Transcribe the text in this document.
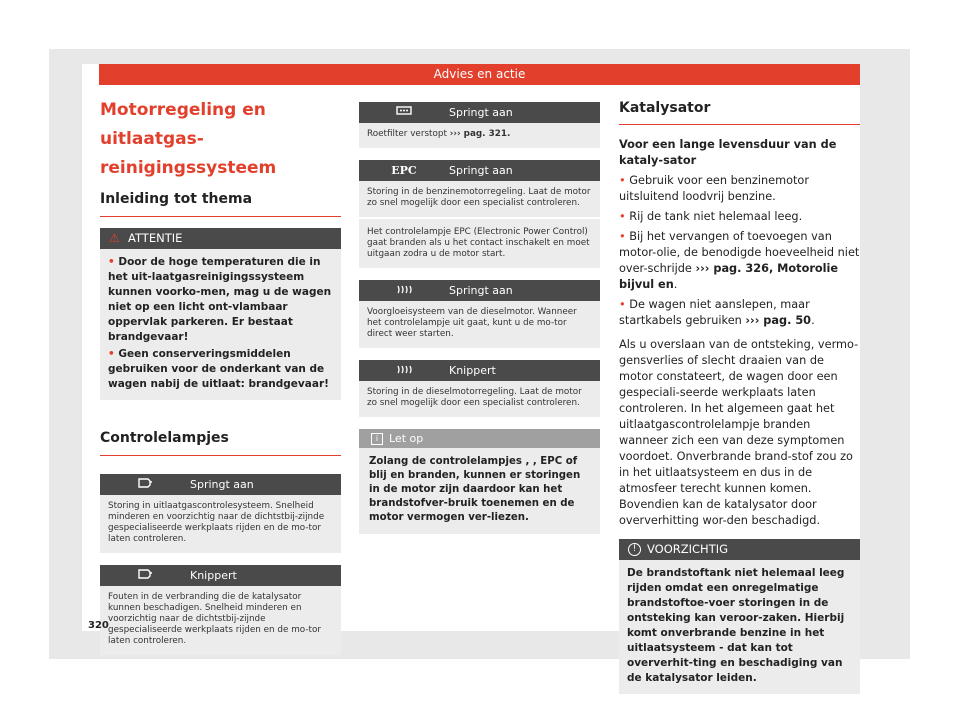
Advies en actie
Motorregeling en uitlaatgas-
reinigingssysteem
Inleiding tot thema
⚠ ATTENTIE
• Door de hoge temperaturen die in het uit-laatgasreinigingssysteem kunnen voorko-men, mag u de wagen niet op een licht ont-vlambaar oppervlak parkeren. Er bestaat brandgevaar!
• Geen conserveringsmiddelen gebruiken voor de onderkant van de wagen nabij de uitlaat: brandgevaar!
Controlelampjes
Springt aan
Storing in uitlaatgascontrolesysteem. Snelheid minderen en voorzichtig naar de dichtstbij-zijnde gespecialiseerde werkplaats rijden en de mo-tor laten controleren.
Knippert
Fouten in de verbranding die de katalysator kunnen beschadigen. Snelheid minderen en voorzichtig naar de dichtstbij-zijnde gespecialiseerde werkplaats rijden en de mo-tor laten controleren.
Springt aan
Roetfilter verstopt ››› pag. 321.
EPC	Springt aan
Storing in de benzinemotorregeling. Laat de motor zo snel mogelijk door een specialist controleren.
Het controlelampje EPC (Electronic Power Control) gaat branden als u het contact inschakelt en moet uitgaan zodra u de motor start.
Springt aan
Voorgloeisysteem van de dieselmotor. Wanneer het controlelampje uit gaat, kunt u de mo-tor direct weer starten.
Knippert
Storing in de dieselmotorregeling. Laat de motor zo snel mogelijk door een specialist controleren.
i Let op
Zolang de controlelampjes , , EPC of blij en branden, kunnen er storingen in de motor zijn daardoor kan het brandstofver-bruik toenemen en de motor vermogen ver-liezen.
Katalysator

Voor een lange levensduur van de kataly-sator

• Gebruik voor een benzinemotor uitsluitend loodvrij benzine.

• Rij de tank niet helemaal leeg.

• Bij het vervangen of toevoegen van motor-olie, de benodigde hoeveelheid niet over-schrijde ››› pag. 326, Motorolie bijvul en.

• De wagen niet aanslepen, maar startkabels gebruiken ››› pag. 50.

Als u overslaan van de ontsteking, vermo-gensverlies of slecht draaien van de motor constateert, de wagen door een gespeciali-seerde werkplaats laten controleren. In het algemeen gaat het uitlaatgascontrolelampje branden wanneer zich een van deze symptomen voordoet. Onverbrande brand-stof zou zo in het uitlaatsysteem en dus in de atmosfeer terecht kunnen komen. Bovendien kan de katalysator door oververhitting wor-den beschadigd.

! VOORZICHTIG
De brandstoftank niet helemaal leeg rijden omdat een onregelmatige brandstoftoe-voer storingen in de ontsteking kan veroor-zaken. Hierbij komt onverbrande benzine in het uitlaatsysteem - dat kan tot oververhit-ting en beschadiging van de katalysator leiden.
320
